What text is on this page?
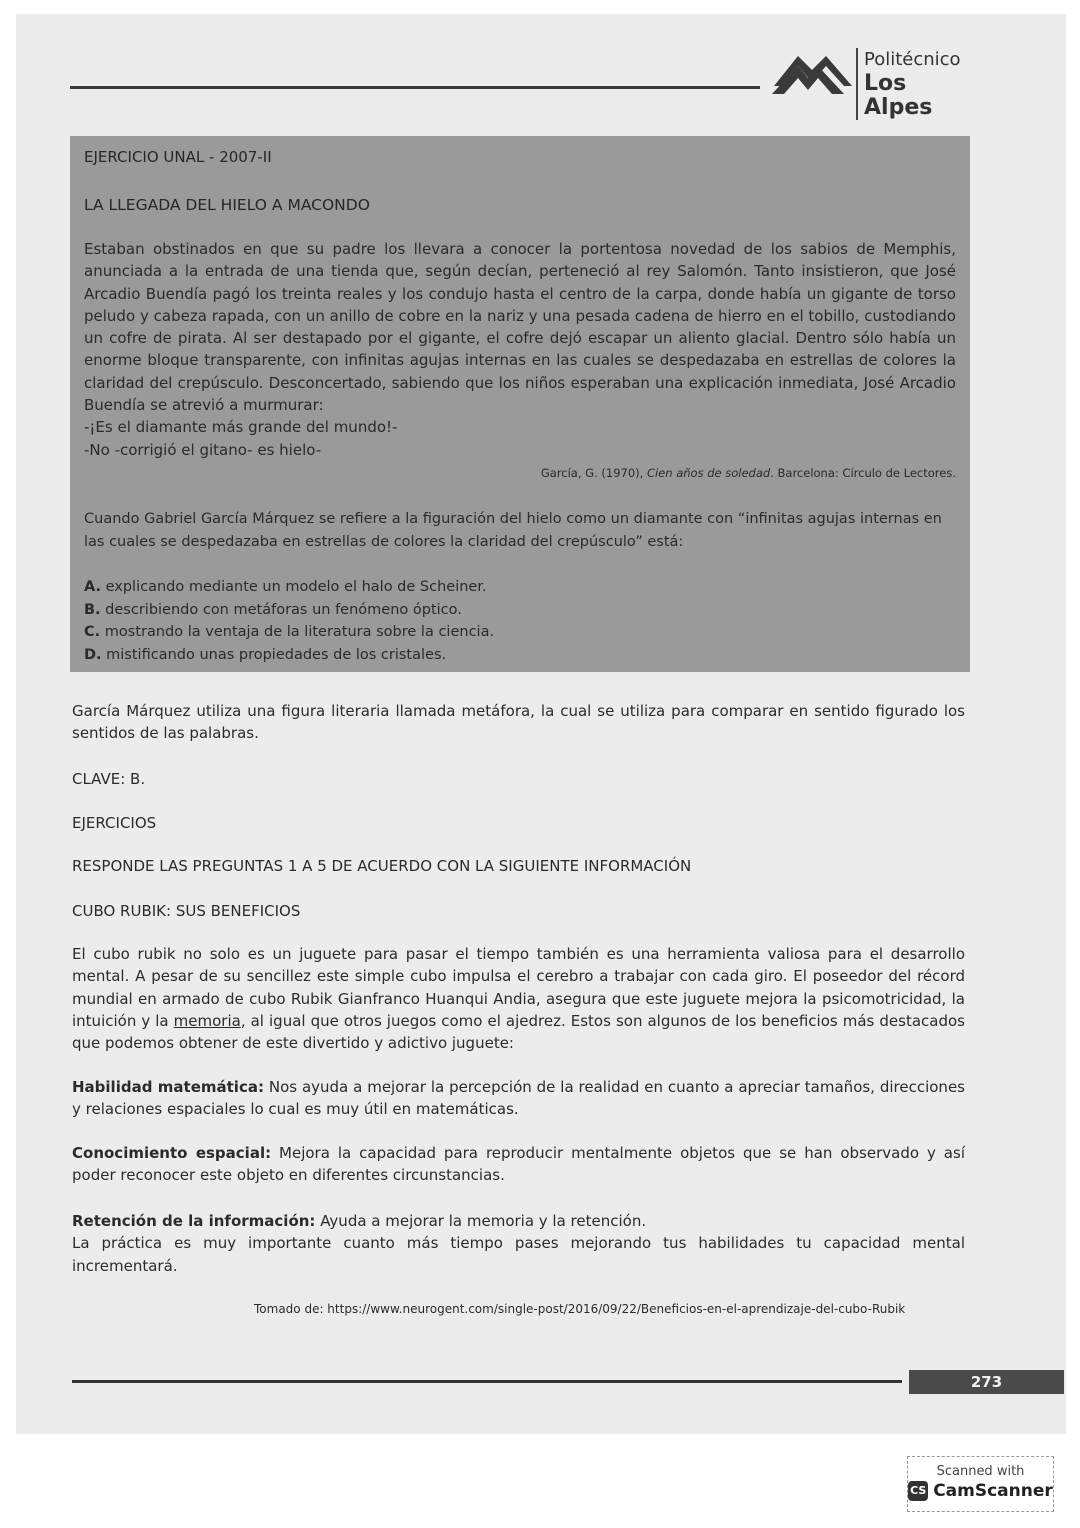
Politécnico
Los Alpes
EJERCICIO UNAL - 2007-II
LA LLEGADA DEL HIELO A MACONDO

Estaban obstinados en que su padre los llevara a conocer la portentosa novedad de los sabios de Memphis, anunciada a la entrada de una tienda que, según decían, perteneció al rey Salomón. Tanto insistieron, que José Arcadio Buendía pagó los treinta reales y los condujo hasta el centro de la carpa, donde había un gigante de torso peludo y cabeza rapada, con un anillo de cobre en la nariz y una pesada cadena de hierro en el tobillo, custodiando un cofre de pirata. Al ser destapado por el gigante, el cofre dejó escapar un aliento glacial. Dentro sólo había un enorme bloque transparente, con infinitas agujas internas en las cuales se despedazaba en estrellas de colores la claridad del crepúsculo. Desconcertado, sabiendo que los niños esperaban una explicación inmediata, José Arcadio Buendía se atrevió a murmurar:

-¡Es el diamante más grande del mundo!-

-No -corrigió el gitano- es hielo-

García, G. (1970), Cien años de soledad. Barcelona: Círculo de Lectores.
Cuando Gabriel García Márquez se refiere a la figuración del hielo como un diamante con “infinitas agujas internas en las cuales se despedazaba en estrellas de colores la claridad del crepúsculo” está:
A. explicando mediante un modelo el halo de Scheiner.
B. describiendo con metáforas un fenómeno óptico.
C. mostrando la ventaja de la literatura sobre la ciencia.
D. mistificando unas propiedades de los cristales.

García Márquez utiliza una figura literaria llamada metáfora, la cual se utiliza para comparar en sentido figurado los sentidos de las palabras.

CLAVE: B.

EJERCICIOS

RESPONDE LAS PREGUNTAS 1 A 5 DE ACUERDO CON LA SIGUIENTE INFORMACIÓN

CUBO RUBIK: SUS BENEFICIOS

El cubo rubik no solo es un juguete para pasar el tiempo también es una herramienta valiosa para el desarrollo mental. A pesar de su sencillez este simple cubo impulsa el cerebro a trabajar con cada giro. El poseedor del récord mundial en armado de cubo Rubik Gianfranco Huanqui Andia, asegura que este juguete mejora la psicomotricidad, la intuición y la memoria, al igual que otros juegos como el ajedrez. Estos son algunos de los beneficios más destacados que podemos obtener de este divertido y adictivo juguete:

Habilidad matemática: Nos ayuda a mejorar la percepción de la realidad en cuanto a apreciar tamaños, direcciones y relaciones espaciales lo cual es muy útil en matemáticas.

Conocimiento espacial: Mejora la capacidad para reproducir mentalmente objetos que se han observado y así poder reconocer este objeto en diferentes circunstancias.

Retención de la información: Ayuda a mejorar la memoria y la retención.

La práctica es muy importante cuanto más tiempo pases mejorando tus habilidades tu capacidad mental incrementará.

Tomado de: https://www.neurogent.com/single-post/2016/09/22/Beneficios-en-el-aprendizaje-del-cubo-Rubik
273
Scanned with
CS CamScanner
